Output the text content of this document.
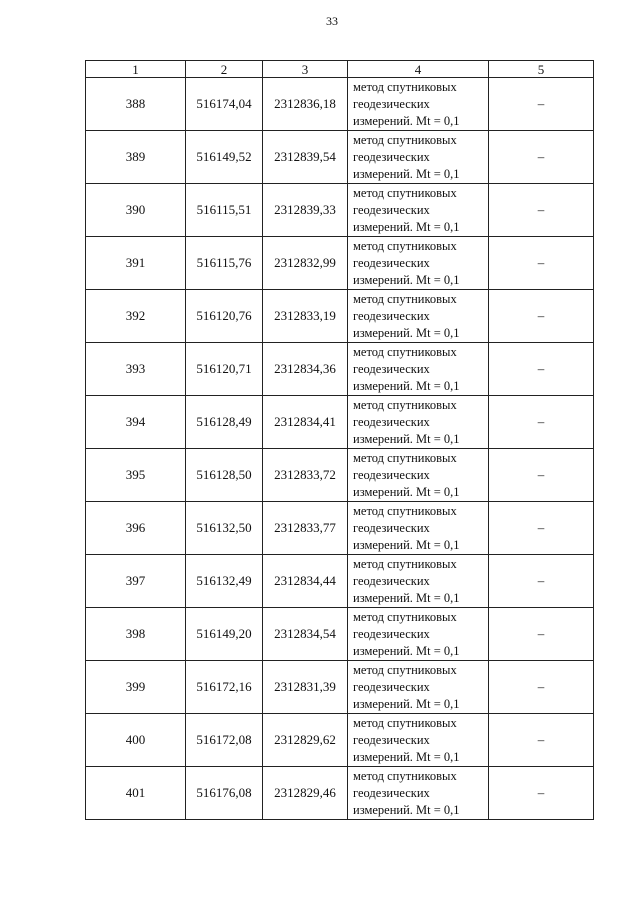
33
1	2	3	4	5
388	516174,04	2312836,18	метод спутниковых
геодезических
измерений. Mt = 0,1	–
389	516149,52	2312839,54	метод спутниковых
геодезических
измерений. Mt = 0,1	–
390	516115,51	2312839,33	метод спутниковых
геодезических
измерений. Mt = 0,1	–
391	516115,76	2312832,99	метод спутниковых
геодезических
измерений. Mt = 0,1	–
392	516120,76	2312833,19	метод спутниковых
геодезических
измерений. Mt = 0,1	–
393	516120,71	2312834,36	метод спутниковых
геодезических
измерений. Mt = 0,1	–
394	516128,49	2312834,41	метод спутниковых
геодезических
измерений. Mt = 0,1	–
395	516128,50	2312833,72	метод спутниковых
геодезических
измерений. Mt = 0,1	–
396	516132,50	2312833,77	метод спутниковых
геодезических
измерений. Mt = 0,1	–
397	516132,49	2312834,44	метод спутниковых
геодезических
измерений. Mt = 0,1	–
398	516149,20	2312834,54	метод спутниковых
геодезических
измерений. Mt = 0,1	–
399	516172,16	2312831,39	метод спутниковых
геодезических
измерений. Mt = 0,1	–
400	516172,08	2312829,62	метод спутниковых
геодезических
измерений. Mt = 0,1	–
401	516176,08	2312829,46	метод спутниковых
геодезических
измерений. Mt = 0,1	–
